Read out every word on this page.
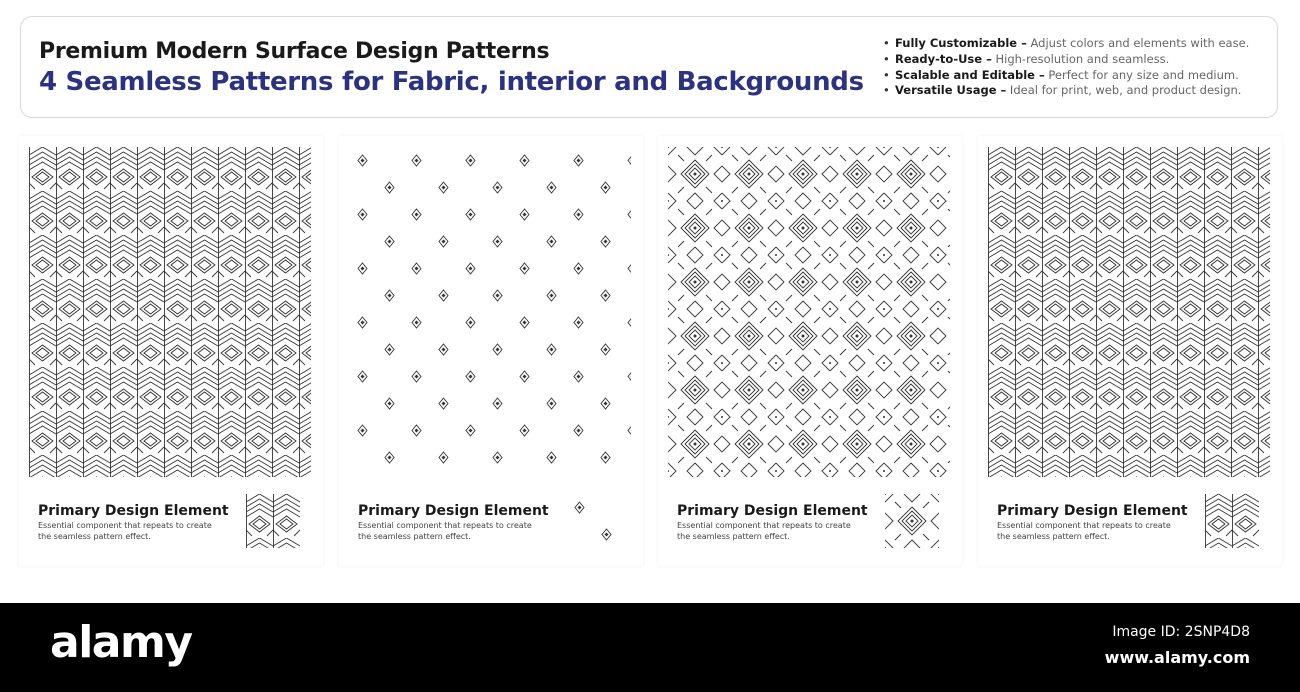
Premium Modern Surface Design Patterns
4 Seamless Patterns for Fabric, interior and Backgrounds
• Fully Customizable – Adjust colors and elements with ease.
• Ready-to-Use – High-resolution and seamless.
• Scalable and Editable – Perfect for any size and medium.
• Versatile Usage – Ideal for print, web, and product design.
Primary Design Element
Essential component that repeats to create the seamless pattern effect.
Primary Design Element
Essential component that repeats to create the seamless pattern effect.
Primary Design Element
Essential component that repeats to create the seamless pattern effect.
Primary Design Element
Essential component that repeats to create the seamless pattern effect.
alamy	Image ID: 2SNP4D8
www.alamy.com
